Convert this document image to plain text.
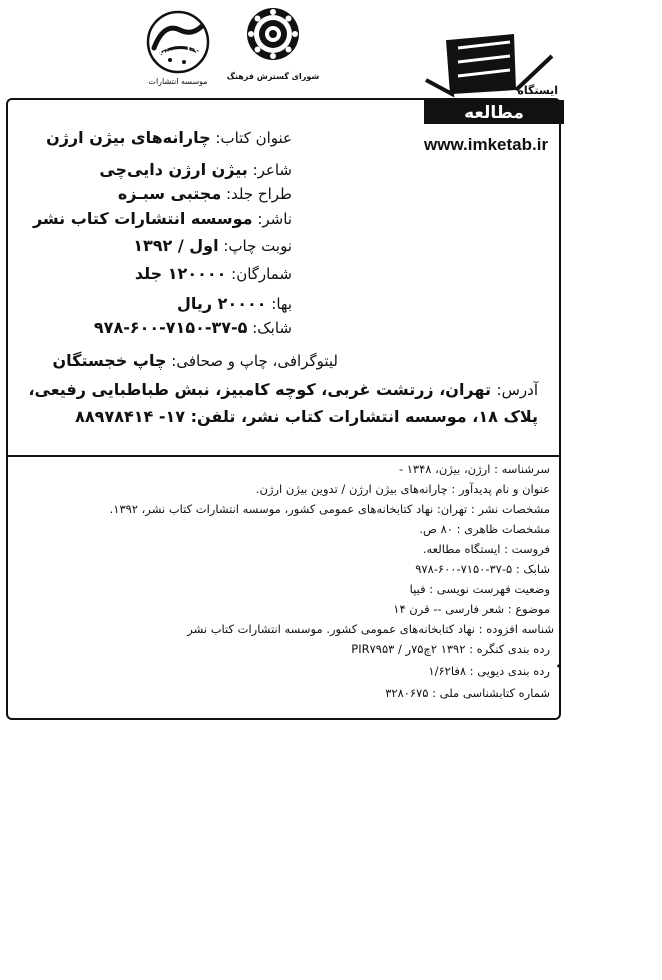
کتاب نشر
موسسه انتشارات
شورای گسترش فرهنگ
ایستگاه
مطالعه
www.imketab.ir
عنوان کتاب: چارانه‌های بیژن ارژن
شاعر: بیژن ارژن دایی‌چی
طراح جلد: مجتبی سبـزه
ناشر: موسسه انتشارات کتاب نشر
نوبت چاپ: اول / ۱۳۹۲
شمارگان: ۱۲۰۰۰۰ جلد
بها: ۲۰۰۰۰ ریال
شابک: ۵-۳۷-۷۱۵۰-۶۰۰-۹۷۸
لیتوگرافی، چاپ و صحافی: چاپ خجستگان
آدرس: تهران، زرتشت غربی، کوچه کامبیز، نبش طباطبایی رفیعی،
پلاک ۱۸، موسسه انتشارات کتاب نشر، تلفن: ۱۷- ۸۸۹۷۸۴۱۴
سرشناسه : ارژن، بیژن، ۱۳۴۸ -
عنوان و نام پدیدآور : چارانه‌های بیژن ارژن / تدوین بیژن ارژن.
مشخصات نشر : تهران: نهاد کتابخانه‌های عمومی کشور، موسسه انتشارات کتاب نشر، ۱۳۹۲.
مشخصات ظاهری : ۸۰ ص.
فروست : ایستگاه مطالعه.
شابک : ۵-۳۷-۷۱۵۰-۶۰۰-۹۷۸
وضعیت فهرست نویسی : فیپا
موضوع : شعر فارسی -- قرن ۱۴
شناسه افزوده : نهاد کتابخانه‌های عمومی کشور. موسسه انتشارات کتاب نشر
رده بندی کنگره : ۱۳۹۲ ۲چ۷۵ر / PIR۷۹۵۳
•
رده بندی دیویی : ۸فا۱/۶۲
شماره کتابشناسی ملی : ۳۲۸۰۶۷۵
